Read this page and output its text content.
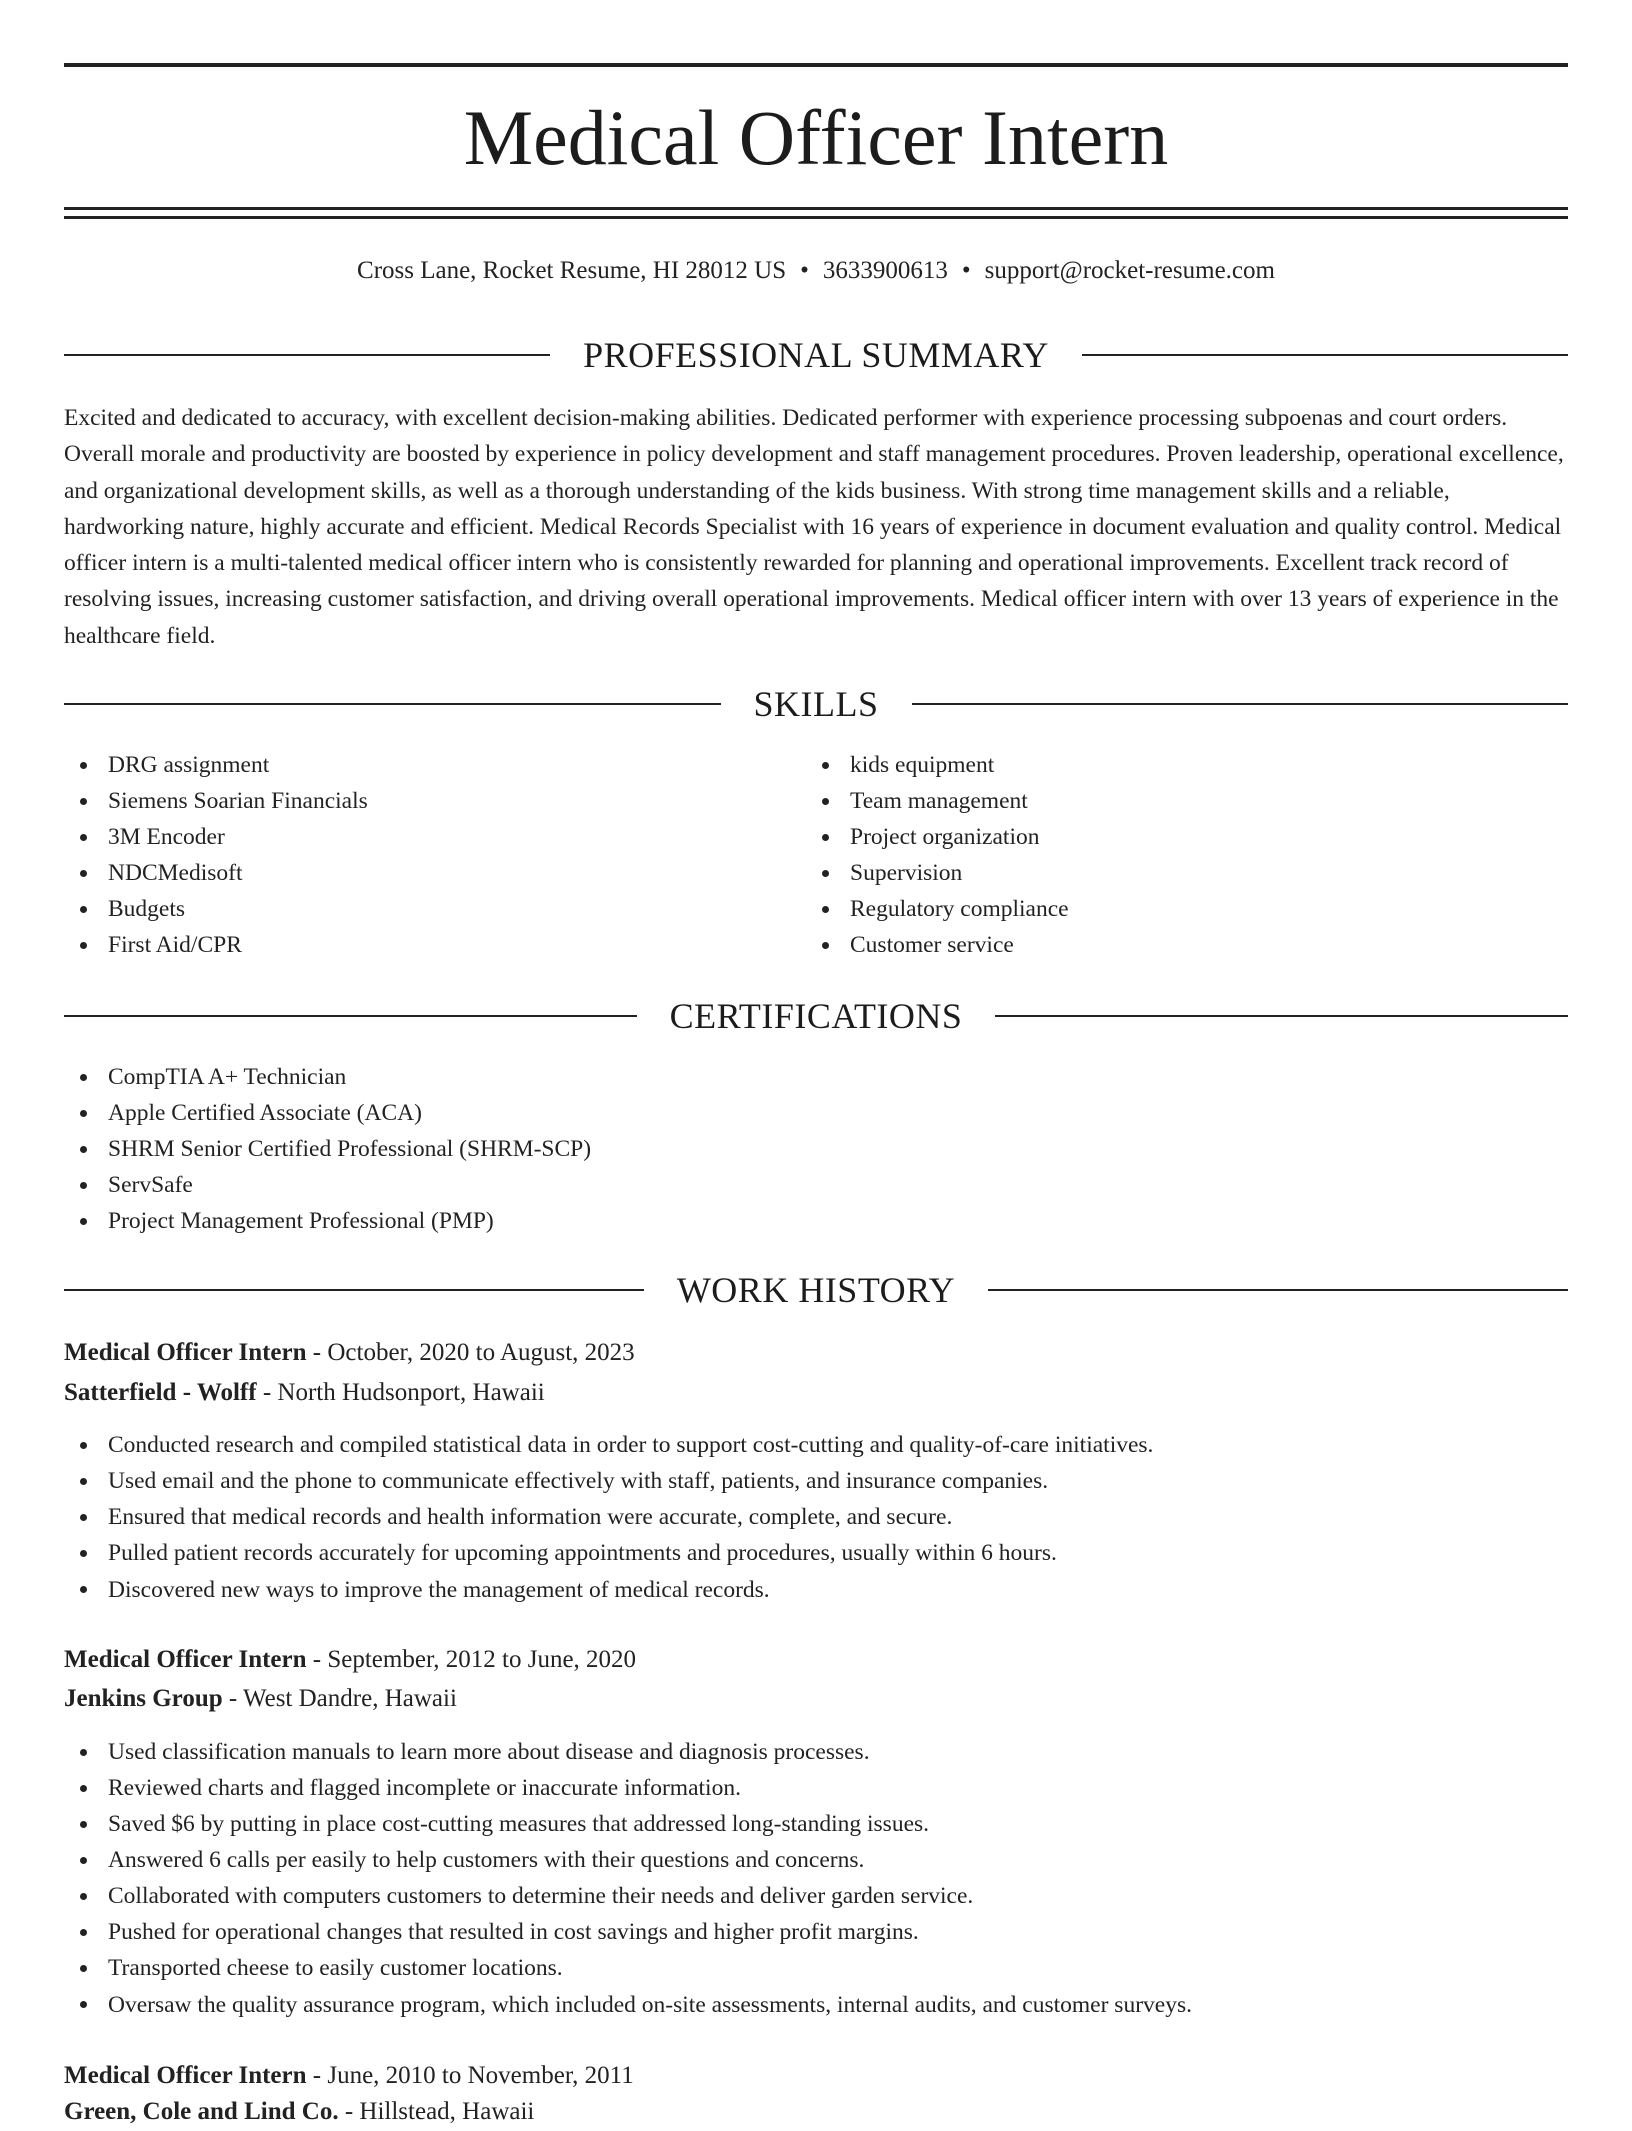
Medical Officer Intern
Cross Lane, Rocket Resume, HI 28012 US • 3633900613 • support@rocket-resume.com
PROFESSIONAL SUMMARY

Excited and dedicated to accuracy, with excellent decision-making abilities. Dedicated performer with experience processing subpoenas and court orders. Overall morale and productivity are boosted by experience in policy development and staff management procedures. Proven leadership, operational excellence, and organizational development skills, as well as a thorough understanding of the kids business. With strong time management skills and a reliable, hardworking nature, highly accurate and efficient. Medical Records Specialist with 16 years of experience in document evaluation and quality control. Medical officer intern is a multi-talented medical officer intern who is consistently rewarded for planning and operational improvements. Excellent track record of resolving issues, increasing customer satisfaction, and driving overall operational improvements. Medical officer intern with over 13 years of experience in the healthcare field.

SKILLS
DRG assignment
Siemens Soarian Financials
3M Encoder
NDCMedisoft
Budgets
First Aid/CPR
kids equipment
Team management
Project organization
Supervision
Regulatory compliance
Customer service
CERTIFICATIONS
CompTIA A+ Technician
Apple Certified Associate (ACA)
SHRM Senior Certified Professional (SHRM-SCP)
ServSafe
Project Management Professional (PMP)
WORK HISTORY
Medical Officer Intern - October, 2020 to August, 2023
Satterfield - Wolff - North Hudsonport, Hawaii
Conducted research and compiled statistical data in order to support cost-cutting and quality-of-care initiatives.
Used email and the phone to communicate effectively with staff, patients, and insurance companies.
Ensured that medical records and health information were accurate, complete, and secure.
Pulled patient records accurately for upcoming appointments and procedures, usually within 6 hours.
Discovered new ways to improve the management of medical records.
Medical Officer Intern - September, 2012 to June, 2020
Jenkins Group - West Dandre, Hawaii
Used classification manuals to learn more about disease and diagnosis processes.
Reviewed charts and flagged incomplete or inaccurate information.
Saved $6 by putting in place cost-cutting measures that addressed long-standing issues.
Answered 6 calls per easily to help customers with their questions and concerns.
Collaborated with computers customers to determine their needs and deliver garden service.
Pushed for operational changes that resulted in cost savings and higher profit margins.
Transported cheese to easily customer locations.
Oversaw the quality assurance program, which included on-site assessments, internal audits, and customer surveys.
Medical Officer Intern - June, 2010 to November, 2011
Green, Cole and Lind Co. - Hillstead, Hawaii
